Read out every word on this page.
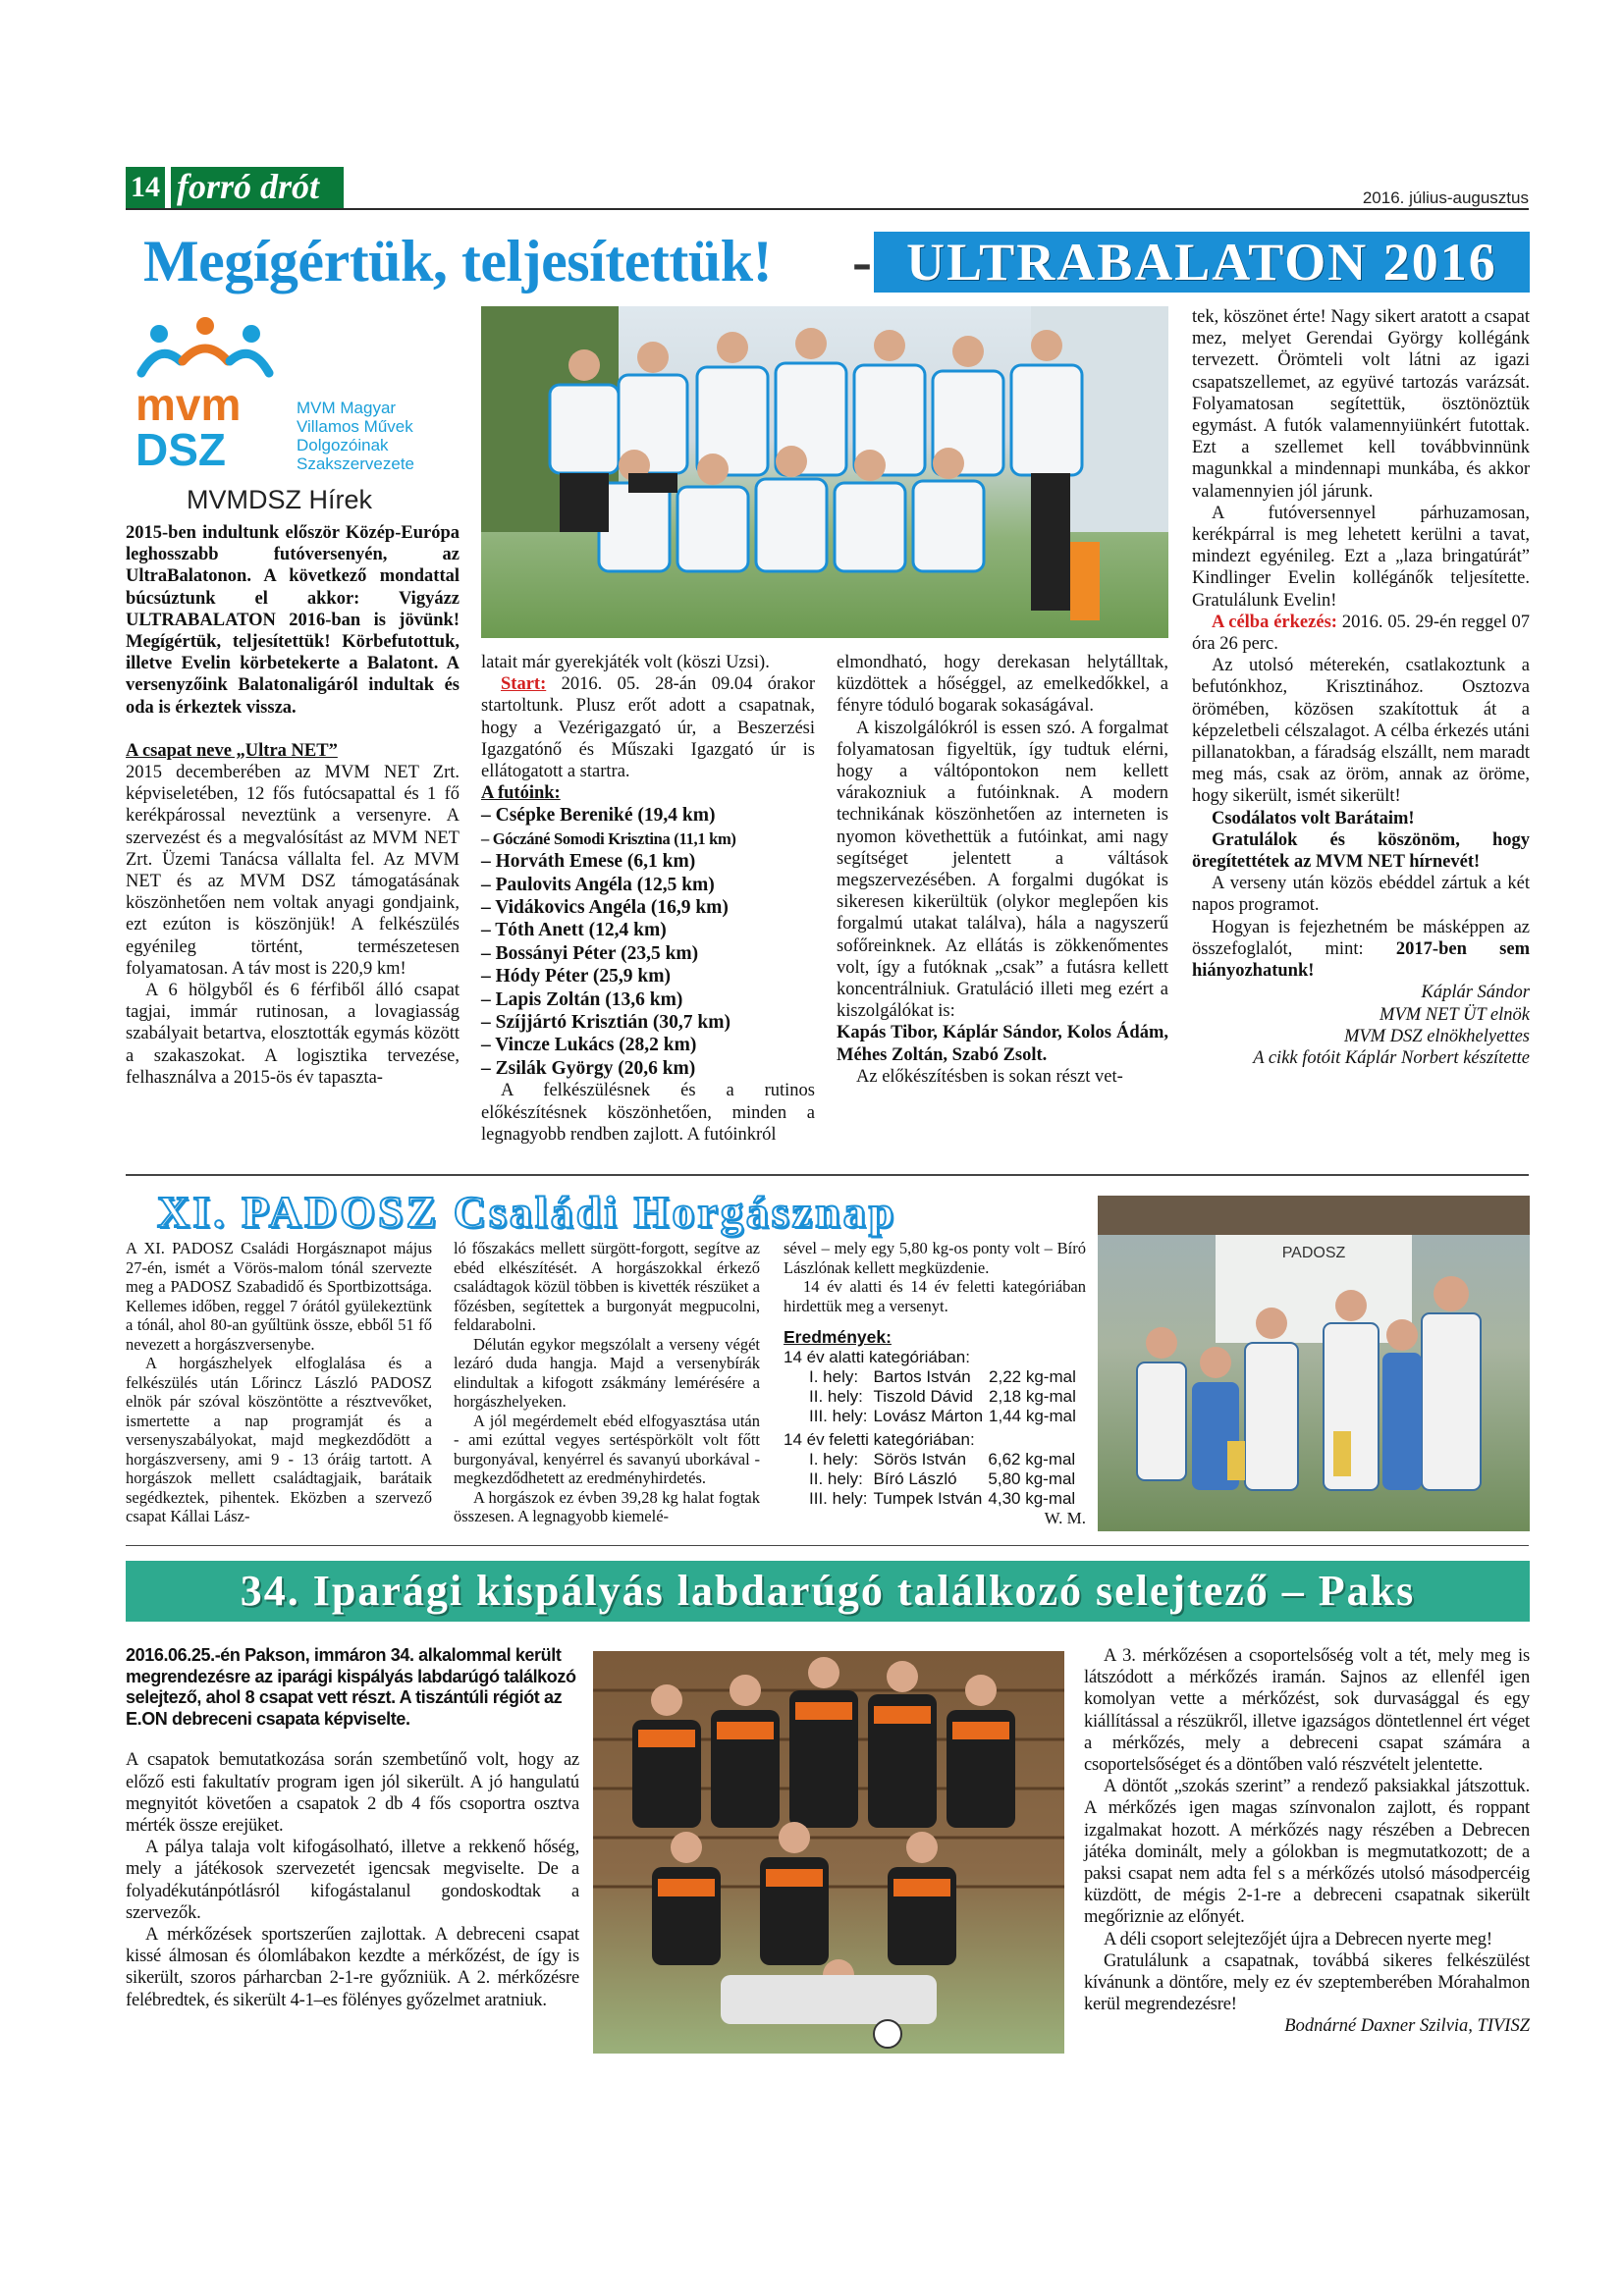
14 forró drót	2016. július-augusztus
Megígértük, teljesítettük! - ULTRABALATON 2016
mvm
DSZ
MVM Magyar
Villamos Művek
Dolgozóinak
Szakszervezete
MVMDSZ Hírek

2015-ben indultunk először Közép-Európa leghosszabb futóversenyén, az UltraBalatonon. A következő mondattal búcsúztunk el akkor: Vigyázz ULTRABALATON 2016-ban is jövünk! Megígértük, teljesítettük! Körbefutottuk, illetve Evelin körbetekerte a Balatont. A versenyzőink Balatonaligáról indultak és oda is érkeztek vissza.

A csapat neve „Ultra NET”

2015 decemberében az MVM NET Zrt. képviseletében, 12 fős futócsapattal és 1 fő kerékpárossal neveztünk a versenyre. A szervezést és a megvalósítást az MVM NET Zrt. Üzemi Tanácsa vállalta fel. Az MVM NET és az MVM DSZ támogatásának köszönhetően nem voltak anyagi gondjaink, ezt ezúton is köszönjük! A felkészülés egyénileg történt, természetesen folyamatosan. A táv most is 220,9 km!

A 6 hölgyből és 6 férfiből álló csapat tagjai, immár rutinosan, a lovagiasság szabályait betartva, elosztották egymás között a szakaszokat. A logisztika tervezése, felhasználva a 2015-ös év tapaszta-

latait már gyerekjáték volt (köszi Uzsi).

Start: 2016. 05. 28-án 09.04 órakor startoltunk. Plusz erőt adott a csapatnak, hogy a Vezérigazgató úr, a Beszerzési Igazgatónő és Műszaki Igazgató úr is ellátogatott a startra.

A futóink:

– Csépke Bereniké (19,4 km)
– Góczáné Somodi Krisztina (11,1 km)
– Horváth Emese (6,1 km)
– Paulovits Angéla (12,5 km)
– Vidákovics Angéla (16,9 km)
– Tóth Anett (12,4 km)
– Bossányi Péter (23,5 km)
– Hódy Péter (25,9 km)
– Lapis Zoltán (13,6 km)
– Szíjjártó Krisztián (30,7 km)
– Vincze Lukács (28,2 km)
– Zsilák György (20,6 km)

A felkészülésnek és a rutinos előkészítésnek köszönhetően, minden a legnagyobb rendben zajlott. A futóinkról

elmondható, hogy derekasan helytálltak, küzdöttek a hőséggel, az emelkedőkkel, a fényre tóduló bogarak sokaságával.

A kiszolgálókról is essen szó. A forgalmat folyamatosan figyeltük, így tudtuk elérni, hogy a váltópontokon nem kellett várakozniuk a futóinknak. A modern technikának köszönhetően az interneten is nyomon követhettük a futóinkat, ami nagy segítséget jelentett a váltások megszervezésében. A forgalmi dugókat is sikeresen kikerültük (olykor meglepően kis forgalmú utakat találva), hála a nagyszerű sofőreinknek. Az ellátás is zökkenőmentes volt, így a futóknak „csak” a futásra kellett koncentrálniuk. Gratuláció illeti meg ezért a kiszolgálókat is:

Kapás Tibor, Káplár Sándor, Kolos Ádám, Méhes Zoltán, Szabó Zsolt.

Az előkészítésben is sokan részt vet-

tek, köszönet érte! Nagy sikert aratott a csapat mez, melyet Gerendai György kollégánk tervezett. Örömteli volt látni az igazi csapatszellemet, az együvé tartozás varázsát. Folyamatosan segítettük, ösztönöztük egymást. A futók valamennyiünkért futottak. Ezt a szellemet kell továbbvinnünk magunkkal a mindennapi munkába, és akkor valamennyien jól járunk.

A futóversennyel párhuzamosan, kerékpárral is meg lehetett kerülni a tavat, mindezt egyénileg. Ezt a „laza bringatúrát” Kindlinger Evelin kollégánők teljesítette. Gratulálunk Evelin!

A célba érkezés: 2016. 05. 29-én reggel 07 óra 26 perc.

Az utolsó méterekén, csatlakoztunk a befutónkhoz, Krisztinához. Osztozva örömében, közösen szakítottuk át a képzeletbeli célszalagot. A célba érkezés utáni pillanatokban, a fáradság elszállt, nem maradt meg más, csak az öröm, annak az öröme, hogy sikerült, ismét sikerült!

Csodálatos volt Barátaim!

Gratulálok és köszönöm, hogy öregítettétek az MVM NET hírnevét!

A verseny után közös ebéddel zártuk a két napos programot.

Hogyan is fejezhetném be másképpen az összefoglalót, mint: 2017-ben sem hiányozhatunk!

Káplár Sándor

MVM NET ÜT elnök

MVM DSZ elnökhelyettes

A cikk fotóit Káplár Norbert készítette

XI. PADOSZ Családi Horgásznap

A XI. PADOSZ Családi Horgásznapot május 27-én, ismét a Vörös-malom tónál szervezte meg a PADOSZ Szabadidő és Sportbizottsága. Kellemes időben, reggel 7 órától gyülekeztünk a tónál, ahol 80-an gyűltünk össze, ebből 51 fő nevezett a horgászversenybe.

A horgászhelyek elfoglalása és a felkészülés után Lőrincz László PADOSZ elnök pár szóval köszöntötte a résztvevőket, ismertette a nap programját és a versenyszabályokat, majd megkezdődött a horgászverseny, ami 9 - 13 óráig tartott. A horgászok mellett családtagjaik, barátaik segédkeztek, pihentek. Eközben a szervező csapat Kállai Lász-

ló főszakács mellett sürgött-forgott, segítve az ebéd elkészítését. A horgászokkal érkező családtagok közül többen is kivették részüket a főzésben, segítettek a burgonyát megpucolni, feldarabolni.

Délután egykor megszólalt a verseny végét lezáró duda hangja. Majd a versenybírák elindultak a kifogott zsákmány lemérésére a horgászhelyeken.

A jól megérdemelt ebéd elfogyasztása után - ami ezúttal vegyes sertéspörkölt volt főtt burgonyával, kenyérrel és savanyú uborkával - megkezdődhetett az eredményhirdetés.

A horgászok ez évben 39,28 kg halat fogtak összesen. A legnagyobb kiemelé-

sével – mely egy 5,80 kg-os ponty volt – Bíró Lászlónak kellett megküzdenie.

14 év alatti és 14 év feletti kategóriában hirdettük meg a versenyt.

Eredmények:
14 év alatti kategóriában:
I. hely:	Bartos István	2,22 kg-mal
II. hely:	Tiszold Dávid	2,18 kg-mal
III. hely:	Lovász Márton	1,44 kg-mal
14 év feletti kategóriában:
I. hely:	Sörös István	6,62 kg-mal
II. hely:	Bíró László	5,80 kg-mal
III. hely:	Tumpek István	4,30 kg-mal
W. M.
PADOSZ
34. Iparági kispályás labdarúgó találkozó selejtező – Paks

2016.06.25.-én Pakson, immáron 34. alkalommal került megrendezésre az iparági kispályás labdarúgó találkozó selejtező, ahol 8 csapat vett részt. A tiszántúli régiót az E.ON debreceni csapata képviselte.

A csapatok bemutatkozása során szembetűnő volt, hogy az előző esti fakultatív program igen jól sikerült. A jó hangulatú megnyitót követően a csapatok 2 db 4 fős csoportra osztva mérték össze erejüket.

A pálya talaja volt kifogásolható, illetve a rekkenő hőség, mely a játékosok szervezetét igencsak megviselte. De a folyadékutánpótlásról kifogástalanul gondoskodtak a szervezők.

A mérkőzések sportszerűen zajlottak. A debreceni csapat kissé álmosan és ólomlábakon kezdte a mérkőzést, de így is sikerült, szoros párharcban 2-1-re győzniük. A 2. mérkőzésre felébredtek, és sikerült 4-1–es fölényes győzelmet aratniuk.

A 3. mérkőzésen a csoportelsőség volt a tét, mely meg is látszódott a mérkőzés iramán. Sajnos az ellenfél igen komolyan vette a mérkőzést, sok durvasággal és egy kiállítással a részükről, illetve igazságos döntetlennel ért véget a mérkőzés, mely a debreceni csapat számára a csoportelsőséget és a döntőben való részvételt jelentette.

A döntőt „szokás szerint” a rendező paksiakkal játszottuk. A mérkőzés igen magas színvonalon zajlott, és roppant izgalmakat hozott. A mérkőzés nagy részében a Debrecen játéka dominált, mely a gólokban is megmutatkozott; de a paksi csapat nem adta fel s a mérkőzés utolsó másodpercéig küzdött, de mégis 2-1-re a debreceni csapatnak sikerült megőriznie az előnyét.

A déli csoport selejtezőjét újra a Debrecen nyerte meg!

Gratulálunk a csapatnak, továbbá sikeres felkészülést kívánunk a döntőre, mely ez év szeptemberében Mórahalmon kerül megrendezésre!

Bodnárné Daxner Szilvia, TIVISZ
